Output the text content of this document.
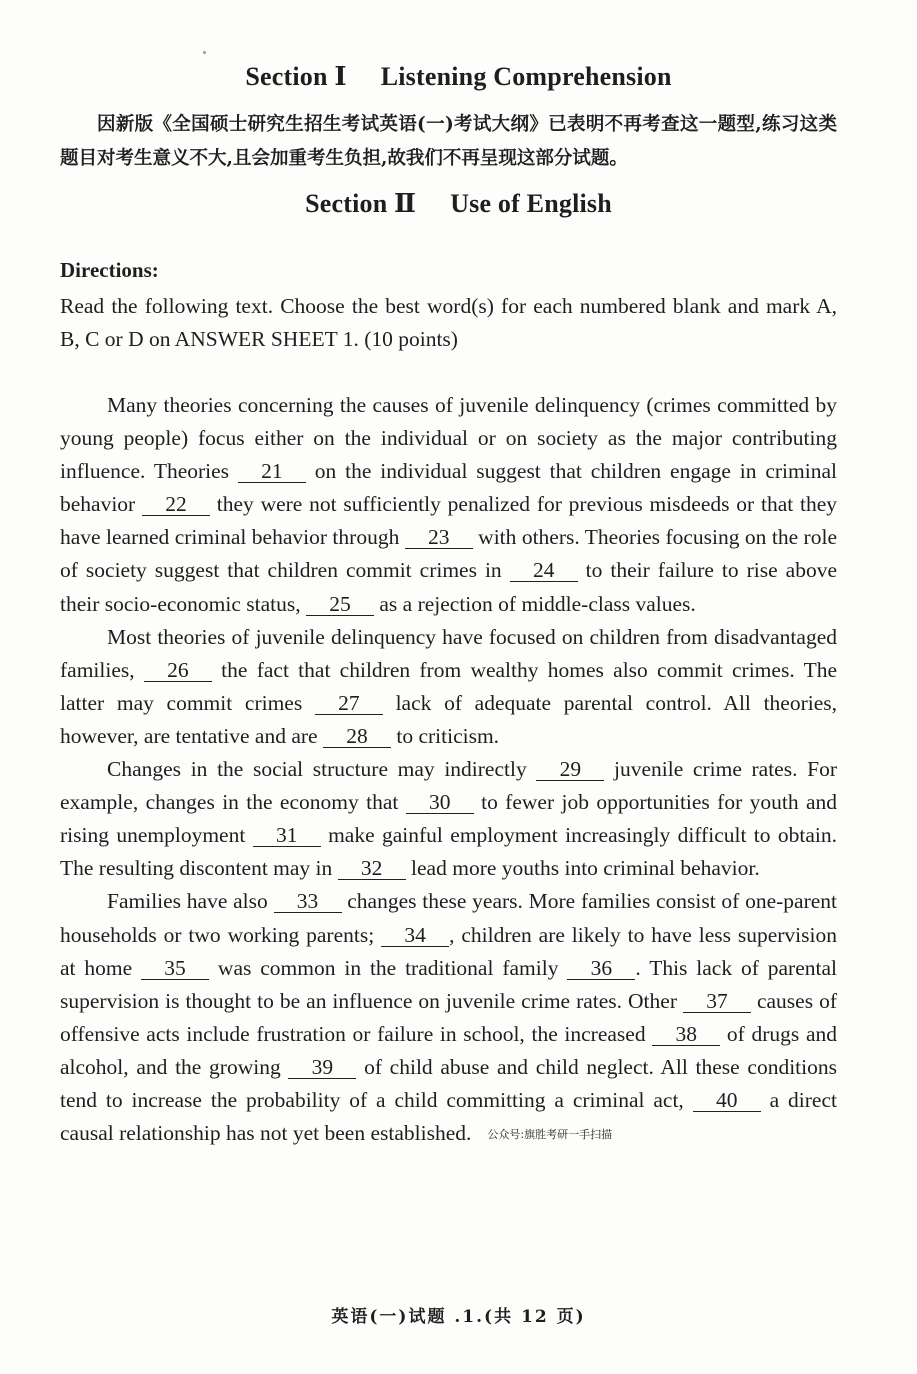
Section Ⅰ Listening Comprehension
因新版《全国硕士研究生招生考试英语(一)考试大纲》已表明不再考查这一题型,练习这类题目对考生意义不大,且会加重考生负担,故我们不再呈现这部分试题。
Section Ⅱ Use of English
Directions:
Read the following text. Choose the best word(s) for each numbered blank and mark A, B, C or D on ANSWER SHEET 1. (10 points)

Many theories concerning the causes of juvenile delinquency (crimes committed by young people) focus either on the individual or on society as the major contributing influence. Theories 21 on the individual suggest that children engage in criminal behavior 22 they were not sufficiently penalized for previous misdeeds or that they have learned criminal behavior through 23 with others. Theories focusing on the role of society suggest that children commit crimes in 24 to their failure to rise above their socio-economic status, 25 as a rejection of middle-class values.

Most theories of juvenile delinquency have focused on children from disadvantaged families, 26 the fact that children from wealthy homes also commit crimes. The latter may commit crimes 27 lack of adequate parental control. All theories, however, are tentative and are 28 to criticism.

Changes in the social structure may indirectly 29 juvenile crime rates. For example, changes in the economy that 30 to fewer job opportunities for youth and rising unemployment 31 make gainful employment increasingly difficult to obtain. The resulting discontent may in 32 lead more youths into criminal behavior.

Families have also 33 changes these years. More families consist of one-parent households or two working parents; 34 , children are likely to have less supervision at home 35 was common in the traditional family 36 . This lack of parental supervision is thought to be an influence on juvenile crime rates. Other 37 causes of offensive acts include frustration or failure in school, the increased 38 of drugs and alcohol, and the growing 39 of child abuse and child neglect. All these conditions tend to increase the probability of a child committing a criminal act, 40 a direct causal relationship has not yet been established. 公众号:旗胜考研一手扫描

英语(一)试题 .1.(共 12 页)
